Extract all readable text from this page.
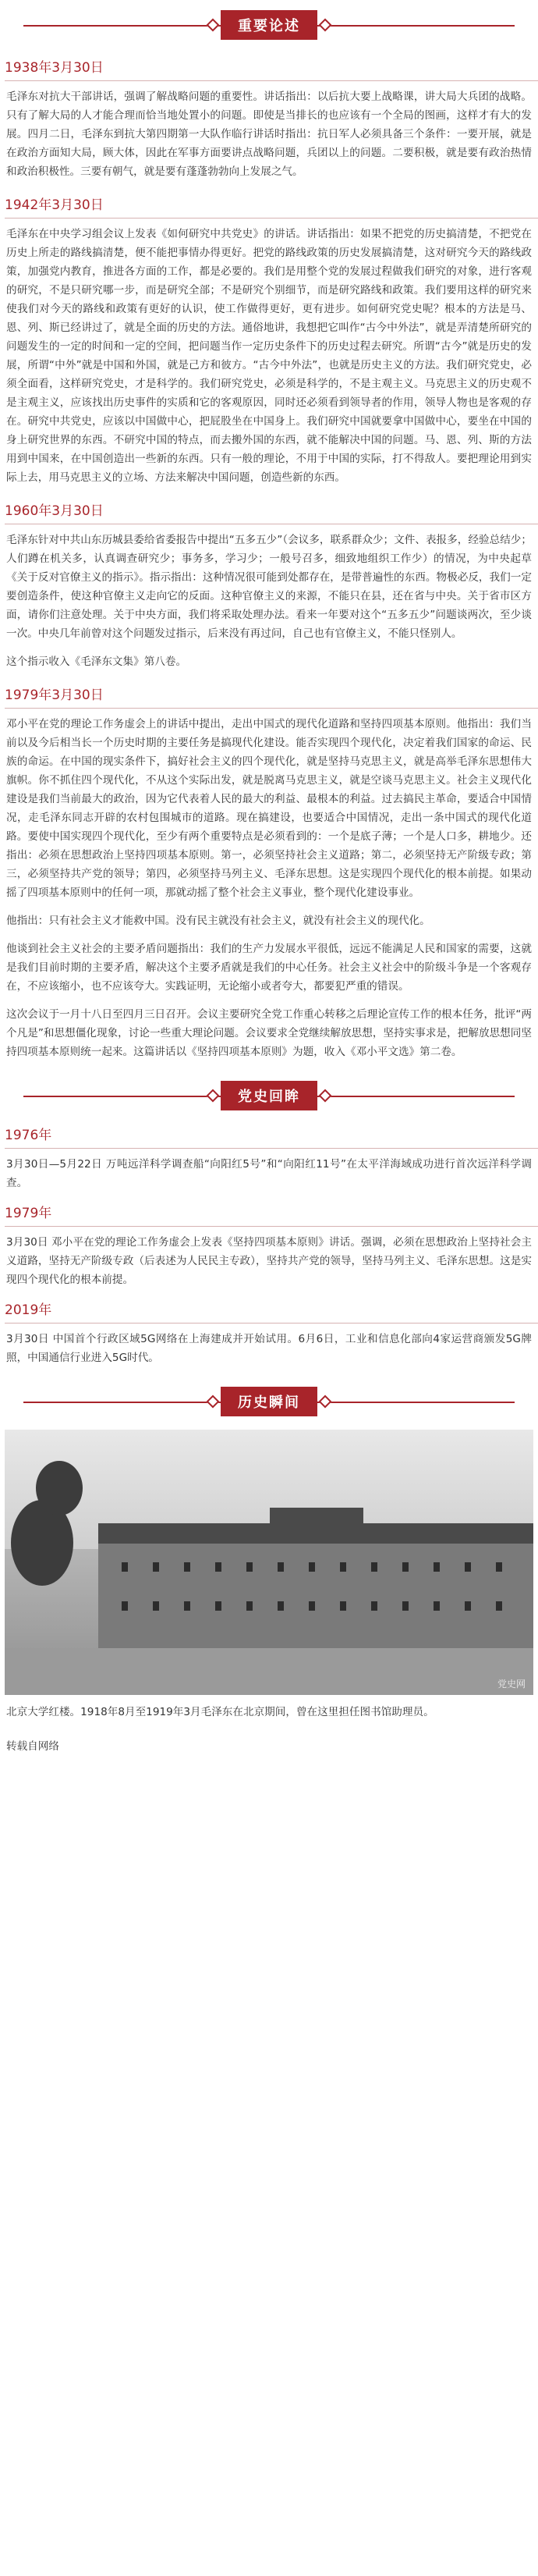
重要论述
1938年3月30日

毛泽东对抗大干部讲话，强调了解战略问题的重要性。讲话指出：以后抗大要上战略课，讲大局大兵团的战略。只有了解大局的人才能合理而恰当地处置小的问题。即使是当排长的也应该有一个全局的图画，这样才有大的发展。四月二日，毛泽东到抗大第四期第一大队作临行讲话时指出：抗日军人必须具备三个条件：一要开展，就是在政治方面知大局，顾大体，因此在军事方面要讲点战略问题，兵团以上的问题。二要积极，就是要有政治热情和政治积极性。三要有朝气，就是要有蓬蓬勃勃向上发展之气。

1942年3月30日

毛泽东在中央学习组会议上发表《如何研究中共党史》的讲话。讲话指出：如果不把党的历史搞清楚，不把党在历史上所走的路线搞清楚，便不能把事情办得更好。把党的路线政策的历史发展搞清楚，这对研究今天的路线政策，加强党内教育，推进各方面的工作，都是必要的。我们是用整个党的发展过程做我们研究的对象，进行客观的研究，不是只研究哪一步，而是研究全部；不是研究个别细节，而是研究路线和政策。我们要用这样的研究来使我们对今天的路线和政策有更好的认识，使工作做得更好，更有进步。如何研究党史呢？根本的方法是马、恩、列、斯已经讲过了，就是全面的历史的方法。通俗地讲，我想把它叫作“古今中外法”，就是弄清楚所研究的问题发生的一定的时间和一定的空间，把问题当作一定历史条件下的历史过程去研究。所谓“古今”就是历史的发展，所谓“中外”就是中国和外国，就是己方和彼方。“古今中外法”，也就是历史主义的方法。我们研究党史，必须全面看，这样研究党史，才是科学的。我们研究党史，必须是科学的，不是主观主义。马克思主义的历史观不是主观主义，应该找出历史事件的实质和它的客观原因，同时还必须看到领导者的作用，领导人物也是客观的存在。研究中共党史，应该以中国做中心，把屁股坐在中国身上。我们研究中国就要拿中国做中心，要坐在中国的身上研究世界的东西。不研究中国的特点，而去搬外国的东西，就不能解决中国的问题。马、恩、列、斯的方法用到中国来，在中国创造出一些新的东西。只有一般的理论，不用于中国的实际，打不得敌人。要把理论用到实际上去，用马克思主义的立场、方法来解决中国问题，创造些新的东西。

1960年3月30日

毛泽东针对中共山东历城县委给省委报告中提出“五多五少”（会议多，联系群众少；文件、表报多，经验总结少；人们蹲在机关多，认真调查研究少；事务多，学习少；一般号召多，细致地组织工作少）的情况，为中央起草《关于反对官僚主义的指示》。指示指出：这种情况很可能到处都存在，是带普遍性的东西。物极必反，我们一定要创造条件，使这种官僚主义走向它的反面。这种官僚主义的来源，不能只在县，还在省与中央。关于省市区方面，请你们注意处理。关于中央方面，我们将采取处理办法。看来一年要对这个“五多五少”问题谈两次，至少谈一次。中央几年前曾对这个问题发过指示，后来没有再过问，自己也有官僚主义，不能只怪别人。

这个指示收入《毛泽东文集》第八卷。

1979年3月30日

邓小平在党的理论工作务虚会上的讲话中提出，走出中国式的现代化道路和坚持四项基本原则。他指出：我们当前以及今后相当长一个历史时期的主要任务是搞现代化建设。能否实现四个现代化，决定着我们国家的命运、民族的命运。在中国的现实条件下，搞好社会主义的四个现代化，就是坚持马克思主义，就是高举毛泽东思想伟大旗帜。你不抓住四个现代化，不从这个实际出发，就是脱离马克思主义，就是空谈马克思主义。社会主义现代化建设是我们当前最大的政治，因为它代表着人民的最大的利益、最根本的利益。过去搞民主革命，要适合中国情况，走毛泽东同志开辟的农村包围城市的道路。现在搞建设，也要适合中国情况，走出一条中国式的现代化道路。要使中国实现四个现代化，至少有两个重要特点是必须看到的：一个是底子薄；一个是人口多，耕地少。还指出：必须在思想政治上坚持四项基本原则。第一，必须坚持社会主义道路；第二，必须坚持无产阶级专政；第三，必须坚持共产党的领导；第四，必须坚持马列主义、毛泽东思想。这是实现四个现代化的根本前提。如果动摇了四项基本原则中的任何一项，那就动摇了整个社会主义事业，整个现代化建设事业。

他指出：只有社会主义才能救中国。没有民主就没有社会主义，就没有社会主义的现代化。

他谈到社会主义社会的主要矛盾问题指出：我们的生产力发展水平很低，远远不能满足人民和国家的需要，这就是我们目前时期的主要矛盾，解决这个主要矛盾就是我们的中心任务。社会主义社会中的阶级斗争是一个客观存在，不应该缩小，也不应该夸大。实践证明，无论缩小或者夸大，都要犯严重的错误。

这次会议于一月十八日至四月三日召开。会议主要研究全党工作重心转移之后理论宣传工作的根本任务，批评“两个凡是”和思想僵化现象，讨论一些重大理论问题。会议要求全党继续解放思想，坚持实事求是，把解放思想同坚持四项基本原则统一起来。这篇讲话以《坚持四项基本原则》为题，收入《邓小平文选》第二卷。

党史回眸
1976年

3月30日—5月22日 万吨远洋科学调查船“向阳红5号”和“向阳红11号”在太平洋海域成功进行首次远洋科学调查。

1979年

3月30日 邓小平在党的理论工作务虚会上发表《坚持四项基本原则》讲话。强调，必须在思想政治上坚持社会主义道路，坚持无产阶级专政（后表述为人民民主专政），坚持共产党的领导，坚持马列主义、毛泽东思想。这是实现四个现代化的根本前提。

2019年

3月30日 中国首个行政区域5G网络在上海建成并开始试用。6月6日，工业和信息化部向4家运营商颁发5G牌照，中国通信行业进入5G时代。

历史瞬间
党史网

北京大学红楼。1918年8月至1919年3月毛泽东在北京期间，曾在这里担任图书馆助理员。

转载自网络
